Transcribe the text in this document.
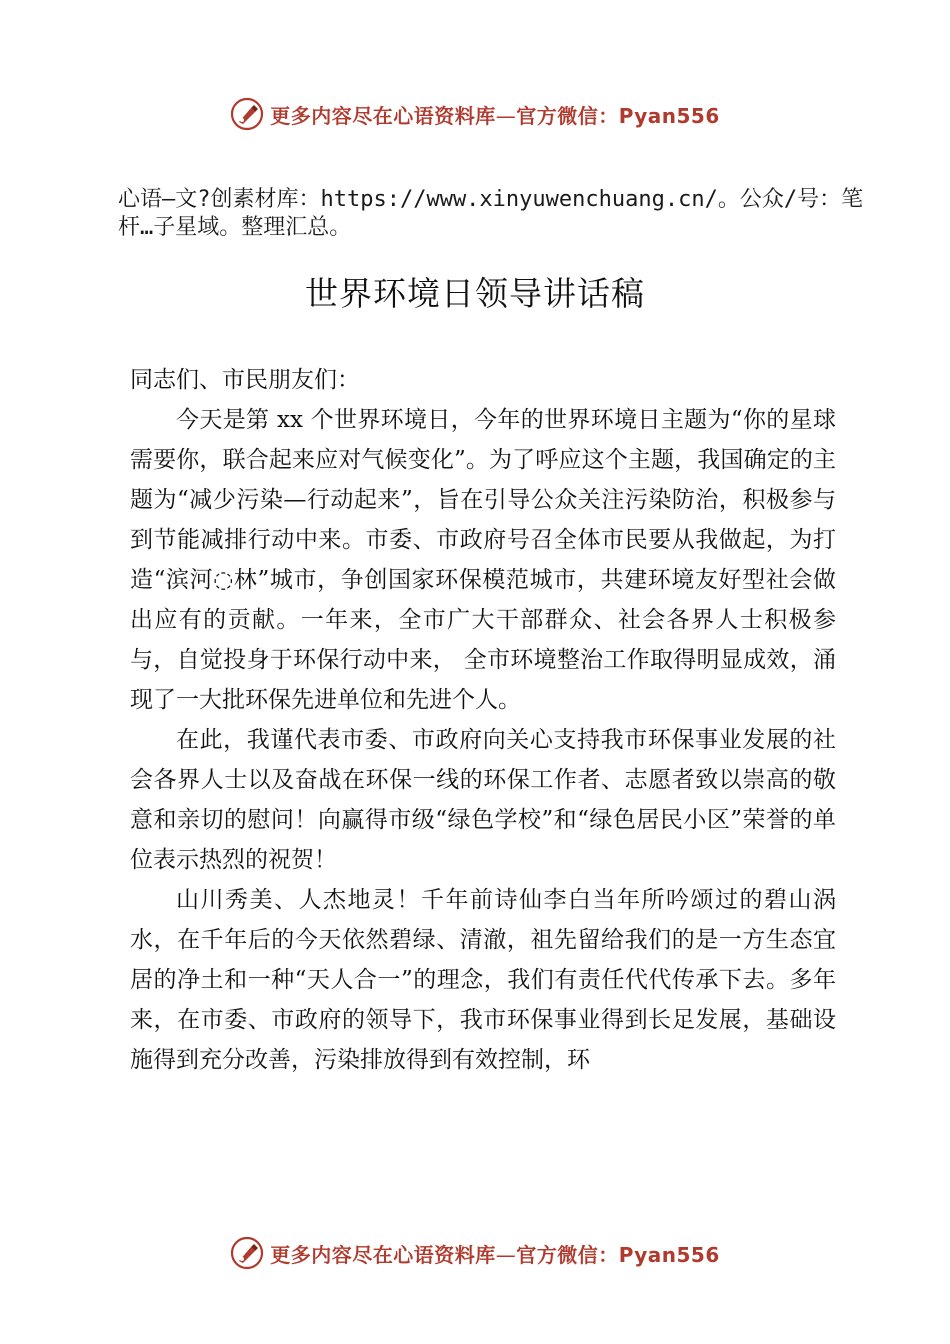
更多内容尽在心语资料库—官方微信：Pyan556
心语—文?创素材库：https://www.xinyuwenchuang.cn/。公众/号：笔杆…子星域。整理汇总。
世界环境日领导讲话稿

同志们、市民朋友们：

今天是第 xx 个世界环境日，今年的世界环境日主题为“你的星球需要你，联合起来应对气候变化”。为了呼应这个主题，我国确定的主题为“减少污染—行动起来”，旨在引导公众关注污染防治，积极参与到节能减排行动中来。市委、市政府号召全体市民要从我做起，为打造“滨河◌林”城市，争创国家环保模范城市，共建环境友好型社会做出应有的贡献。一年来，全市广大干部群众、社会各界人士积极参与，自觉投身于环保行动中来， 全市环境整治工作取得明显成效，涌现了一大批环保先进单位和先进个人。

在此，我谨代表市委、市政府向关心支持我市环保事业发展的社会各界人士以及奋战在环保一线的环保工作者、志愿者致以崇高的敬意和亲切的慰问！向赢得市级“绿色学校”和“绿色居民小区”荣誉的单位表示热烈的祝贺！

山川秀美、人杰地灵！千年前诗仙李白当年所吟颂过的碧山涡水，在千年后的今天依然碧绿、清澈，祖先留给我们的是一方生态宜居的净土和一种“天人合一”的理念，我们有责任代代传承下去。多年来，在市委、市政府的领导下，我市环保事业得到长足发展，基础设施得到充分改善，污染排放得到有效控制，环

更多内容尽在心语资料库—官方微信：Pyan556
